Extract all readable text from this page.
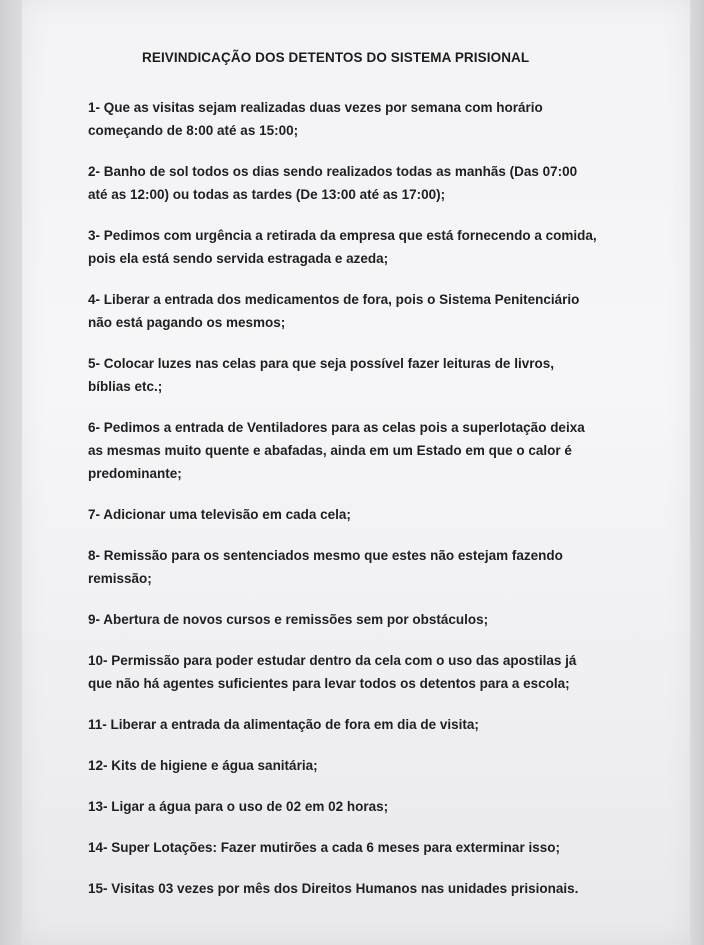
REIVINDICAÇÃO DOS DETENTOS DO SISTEMA PRISIONAL
1- Que as visitas sejam realizadas duas vezes por semana com horário
começando de 8:00 até as 15:00;
2- Banho de sol todos os dias sendo realizados todas as manhãs (Das 07:00
até as 12:00) ou todas as tardes (De 13:00 até as 17:00);
3- Pedimos com urgência a retirada da empresa que está fornecendo a comida,
pois ela está sendo servida estragada e azeda;
4- Liberar a entrada dos medicamentos de fora, pois o Sistema Penitenciário
não está pagando os mesmos;
5- Colocar luzes nas celas para que seja possível fazer leituras de livros,
bíblias etc.;
6- Pedimos a entrada de Ventiladores para as celas pois a superlotação deixa
as mesmas muito quente e abafadas, ainda em um Estado em que o calor é
predominante;
7- Adicionar uma televisão em cada cela;
8- Remissão para os sentenciados mesmo que estes não estejam fazendo
remissão;
9- Abertura de novos cursos e remissões sem por obstáculos;
10- Permissão para poder estudar dentro da cela com o uso das apostilas já
que não há agentes suficientes para levar todos os detentos para a escola;
11- Liberar a entrada da alimentação de fora em dia de visita;
12- Kits de higiene e água sanitária;
13- Ligar a água para o uso de 02 em 02 horas;
14- Super Lotações: Fazer mutirões a cada 6 meses para exterminar isso;
15- Visitas 03 vezes por mês dos Direitos Humanos nas unidades prisionais.
